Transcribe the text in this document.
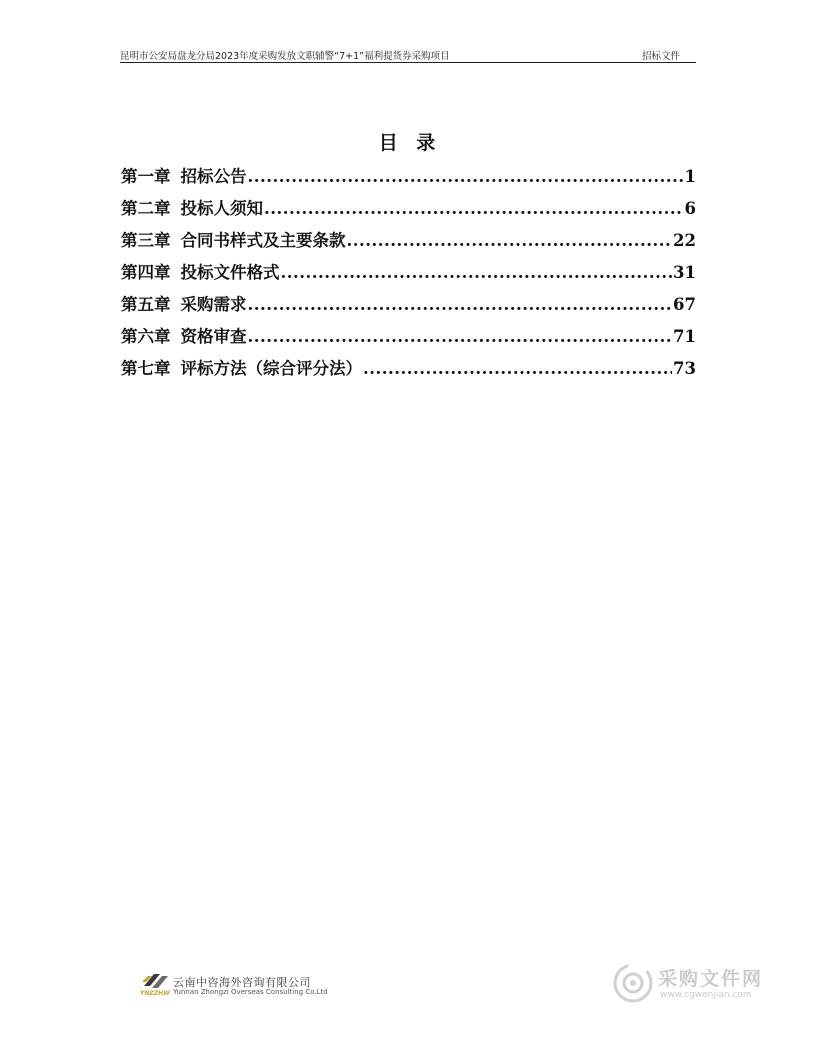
昆明市公安局盘龙分局2023年度采购发放文职辅警“7+1”福利提货券采购项目	招标文件
目 录
第一章 招标公告 .....	1
第二章 投标人须知 .....	6
第三章 合同书样式及主要条款 .....	22
第四章 投标文件格式 .....	31
第五章 采购需求 .....	67
第六章 资格审查 .....	71
第七章 评标方法（综合评分法） .....	73
YNZZHW
云南中咨海外咨询有限公司
Yunnan Zhongzi Overseas Consulting Co.Ltd
采购文件网
www.cgwenjian.com
